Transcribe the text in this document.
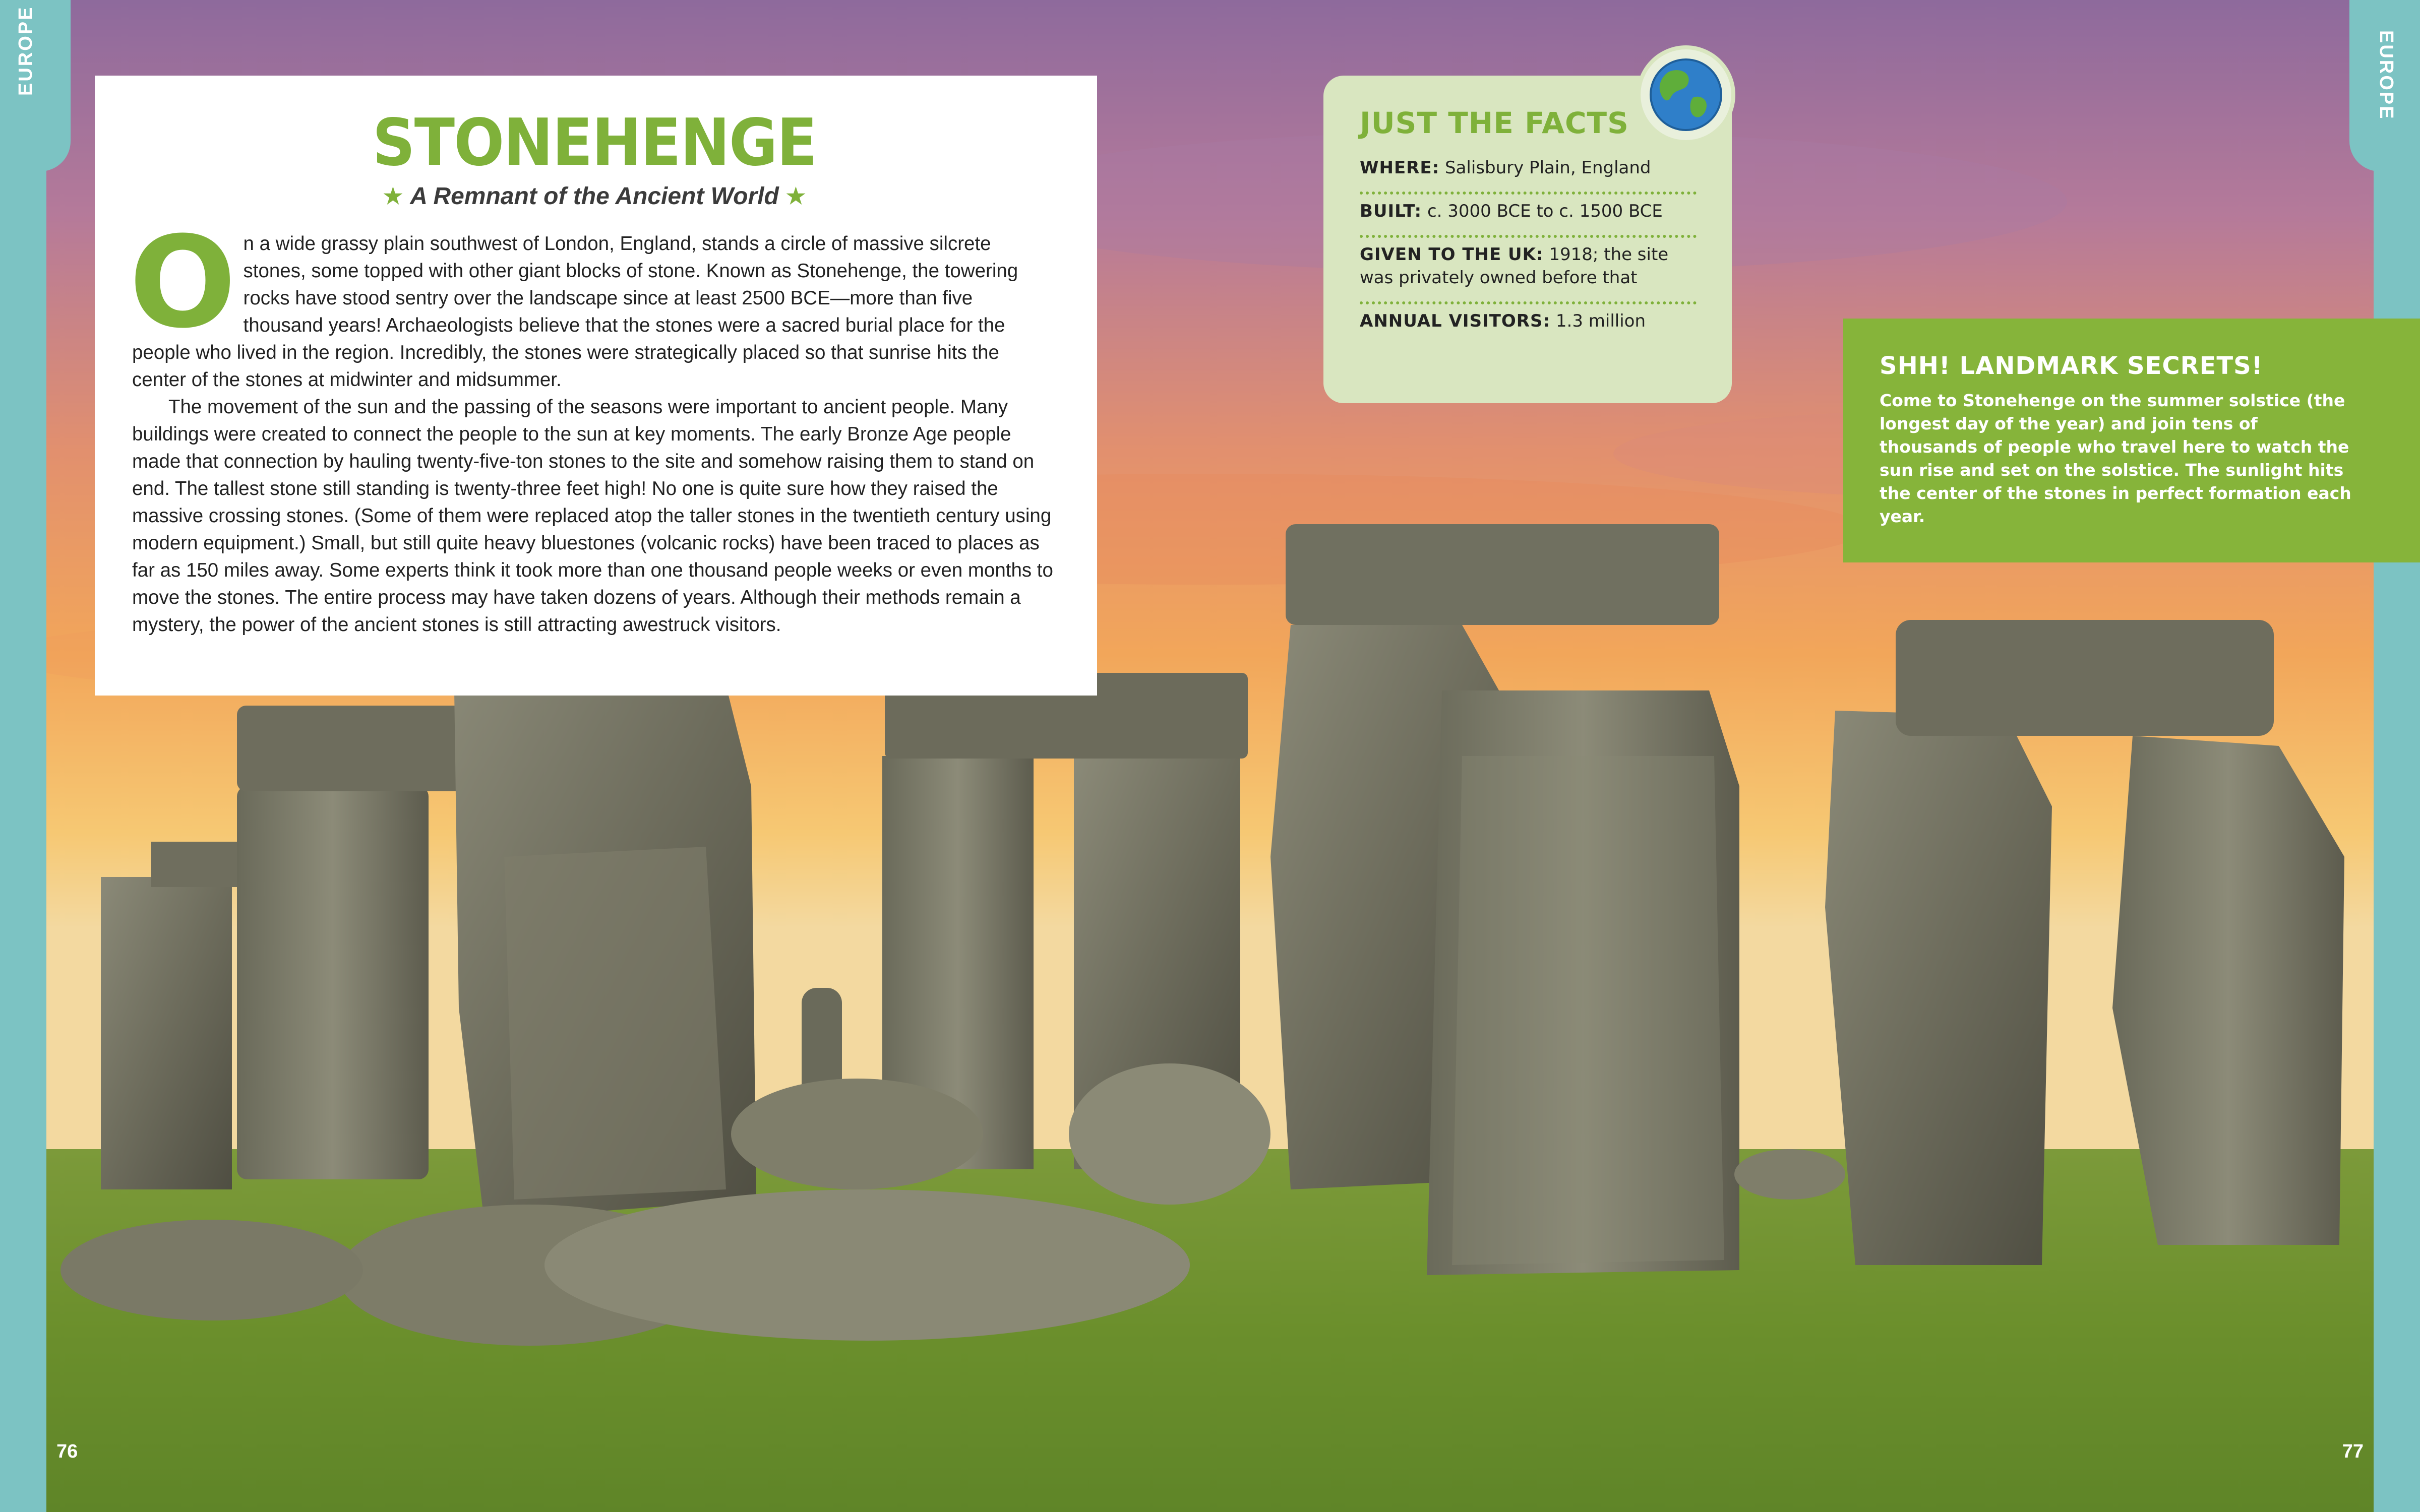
EUROPE	EUROPE
76	77
STONEHENGE
★ A Remnant of the Ancient World ★

On a wide grassy plain southwest of London, England, stands a circle of massive silcrete stones, some topped with other giant blocks of stone. Known as Stonehenge, the towering rocks have stood sentry over the landscape since at least 2500 BCE—more than five thousand years! Archaeologists believe that the stones were a sacred burial place for the people who lived in the region. Incredibly, the stones were strategically placed so that sunrise hits the center of the stones at midwinter and midsummer.

The movement of the sun and the passing of the seasons were important to ancient people. Many buildings were created to connect the people to the sun at key moments. The early Bronze Age people made that connection by hauling twenty-five-ton stones to the site and somehow raising them to stand on end. The tallest stone still standing is twenty-three feet high! No one is quite sure how they raised the massive crossing stones. (Some of them were replaced atop the taller stones in the twentieth century using modern equipment.) Small, but still quite heavy bluestones (volcanic rocks) have been traced to places as far as 150 miles away. Some experts think it took more than one thousand people weeks or even months to move the stones. The entire process may have taken dozens of years. Although their methods remain a mystery, the power of the ancient stones is still attracting awestruck visitors.

JUST THE FACTS
WHERE: Salisbury Plain, England
BUILT: c. 3000 BCE to c. 1500 BCE
GIVEN TO THE UK: 1918; the site was privately owned before that
ANNUAL VISITORS: 1.3 million
SHH! LANDMARK SECRETS!
Come to Stonehenge on the summer solstice (the longest day of the year) and join tens of thousands of people who travel here to watch the sun rise and set on the solstice. The sunlight hits the center of the stones in perfect formation each year.
